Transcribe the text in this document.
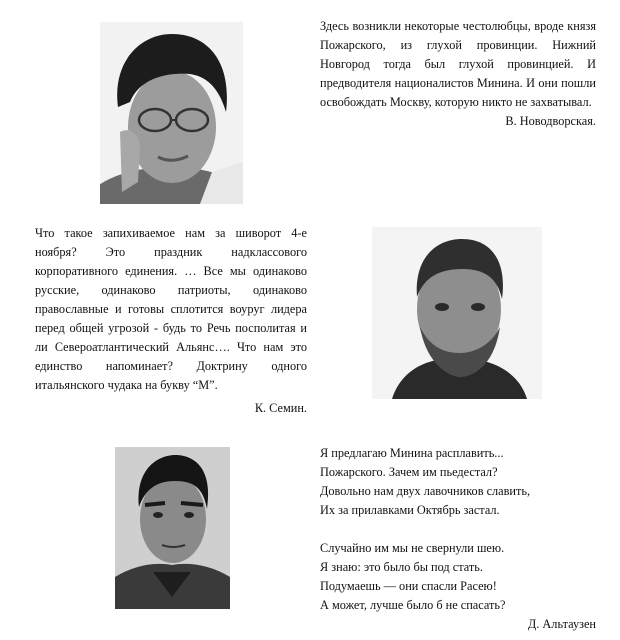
Здесь возникли некоторые честолюбцы, вроде князя Пожарского, из глухой провинции. Нижний Новгород тогда был глухой провинцией. И предводителя националистов Минина. И они пошли освобождать Москву, которую никто не захватывал.

В. Новодворская.

Что такое запихиваемое нам за шиворот 4-е ноября? Это праздник надклассового корпоративного единения. … Все мы одинаково русские, одинаково патриоты, одинаково православные и готовы сплотится воуруг лидера перед общей угрозой - будь то Речь посполитая и ли Североатлантический Альянс…. Что нам это единство напоминает? Доктрину одного итальянского чудака на букву “М”.

К. Семин.

Я предлагаю Минина расплавить...
Пожарского. Зачем им пьедестал?
Довольно нам двух лавочников славить,
Их за прилавками Октябрь застал.
Случайно им мы не свернули шею.
Я знаю: это было бы под стать.
Подумаешь — они спасли Расею!
А может, лучше было б не спасать?

Д. Альтаузен
